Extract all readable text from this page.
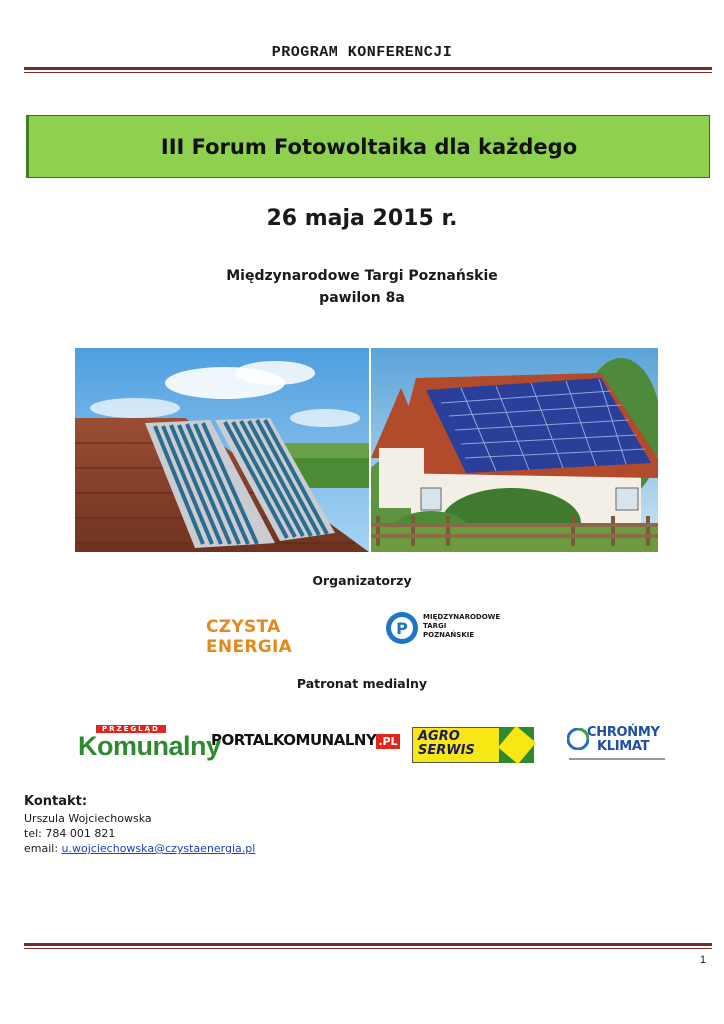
PROGRAM KONFERENCJI
III Forum Fotowoltaika dla każdego
26 maja 2015 r.
Międzynarodowe Targi Poznańskie
pawilon 8a
Organizatorzy
CZYSTA ENERGIA
P
MIĘDZYNARODOWE
TARGI
POZNAŃSKIE
Patronat medialny
PRZEGLĄD
Komunalny
PORTALKOMUNALNY .PL AGRO
SERWIS
CHROŃMY
KLIMAT
Kontakt:
Urszula Wojciechowska
tel: 784 001 821
email: u.wojciechowska@czystaenergia.pl
1
